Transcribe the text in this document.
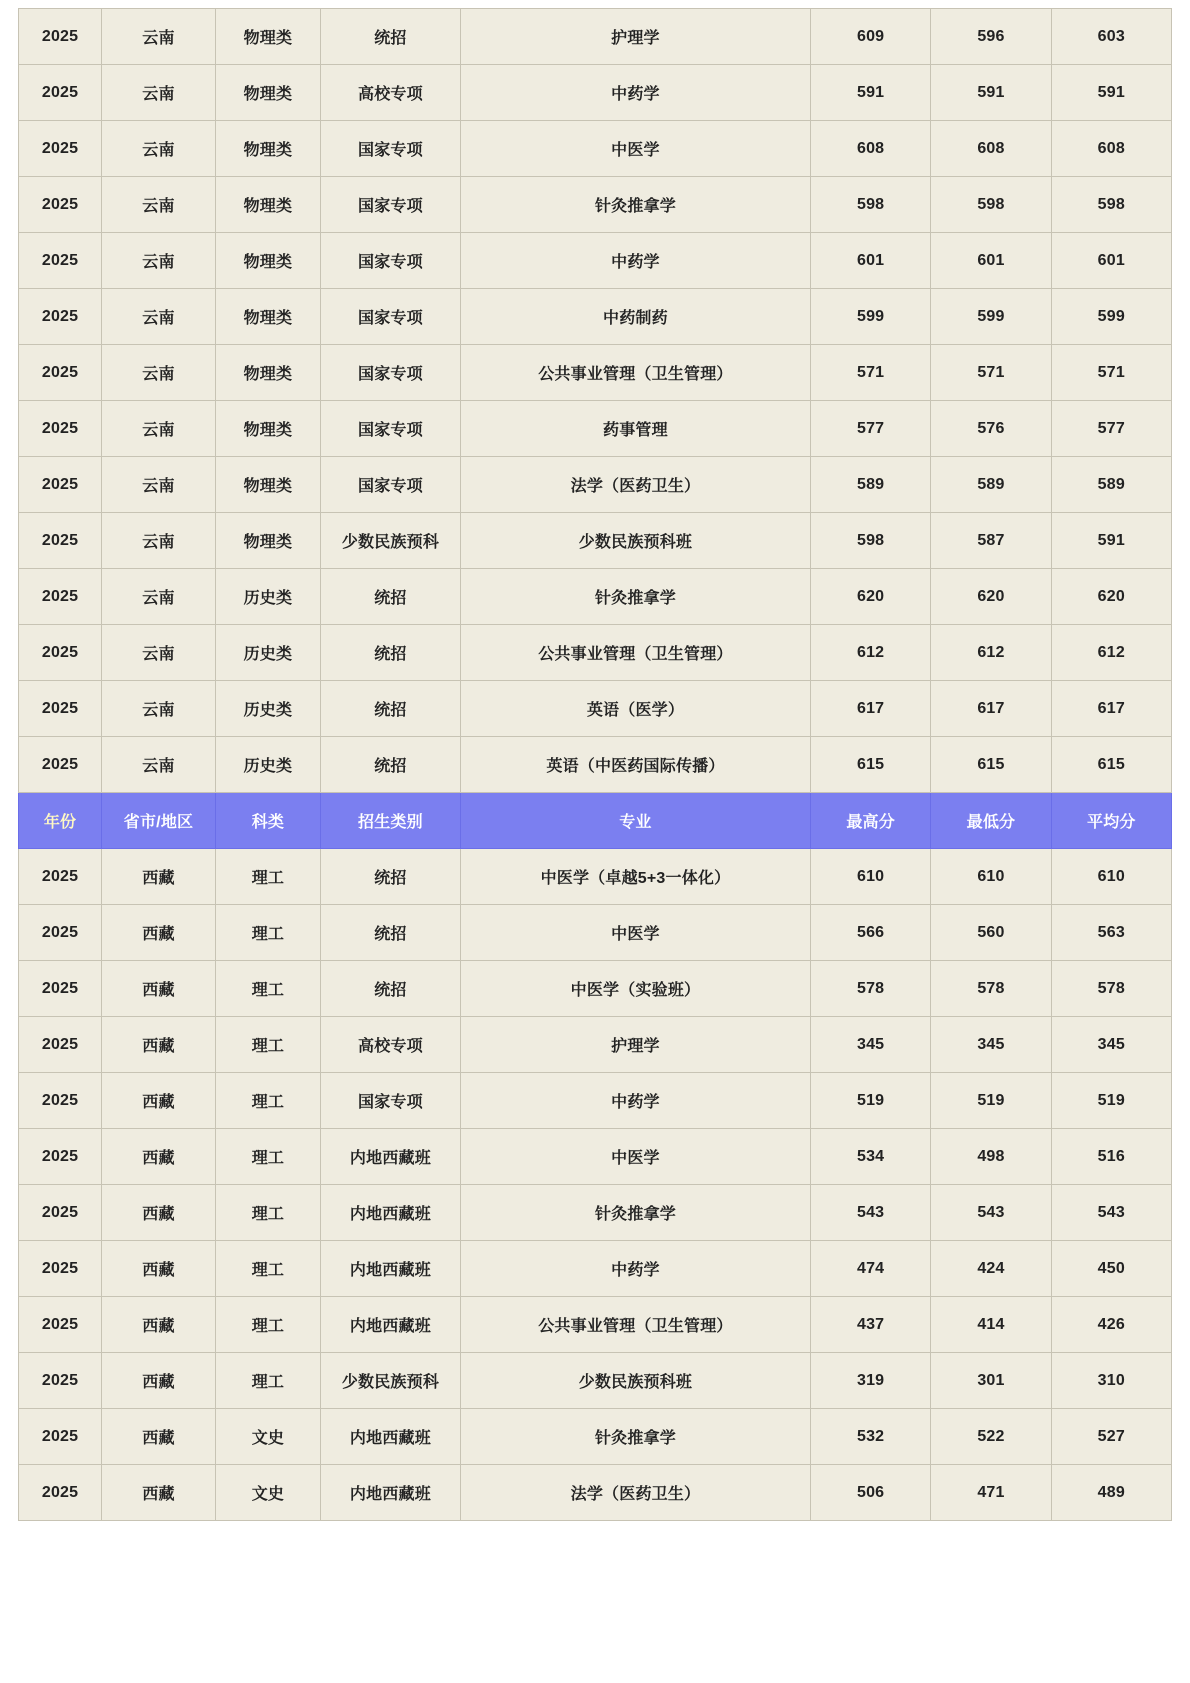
2025	云南	物理类	统招	护理学	609	596	603
2025	云南	物理类	高校专项	中药学	591	591	591
2025	云南	物理类	国家专项	中医学	608	608	608
2025	云南	物理类	国家专项	针灸推拿学	598	598	598
2025	云南	物理类	国家专项	中药学	601	601	601
2025	云南	物理类	国家专项	中药制药	599	599	599
2025	云南	物理类	国家专项	公共事业管理（卫生管理）	571	571	571
2025	云南	物理类	国家专项	药事管理	577	576	577
2025	云南	物理类	国家专项	法学（医药卫生）	589	589	589
2025	云南	物理类	少数民族预科	少数民族预科班	598	587	591
2025	云南	历史类	统招	针灸推拿学	620	620	620
2025	云南	历史类	统招	公共事业管理（卫生管理）	612	612	612
2025	云南	历史类	统招	英语（医学）	617	617	617
2025	云南	历史类	统招	英语（中医药国际传播）	615	615	615
年份	省市/地区	科类	招生类别	专业	最高分	最低分	平均分
2025	西藏	理工	统招	中医学（卓越5+3一体化）	610	610	610
2025	西藏	理工	统招	中医学	566	560	563
2025	西藏	理工	统招	中医学（实验班）	578	578	578
2025	西藏	理工	高校专项	护理学	345	345	345
2025	西藏	理工	国家专项	中药学	519	519	519
2025	西藏	理工	内地西藏班	中医学	534	498	516
2025	西藏	理工	内地西藏班	针灸推拿学	543	543	543
2025	西藏	理工	内地西藏班	中药学	474	424	450
2025	西藏	理工	内地西藏班	公共事业管理（卫生管理）	437	414	426
2025	西藏	理工	少数民族预科	少数民族预科班	319	301	310
2025	西藏	文史	内地西藏班	针灸推拿学	532	522	527
2025	西藏	文史	内地西藏班	法学（医药卫生）	506	471	489
